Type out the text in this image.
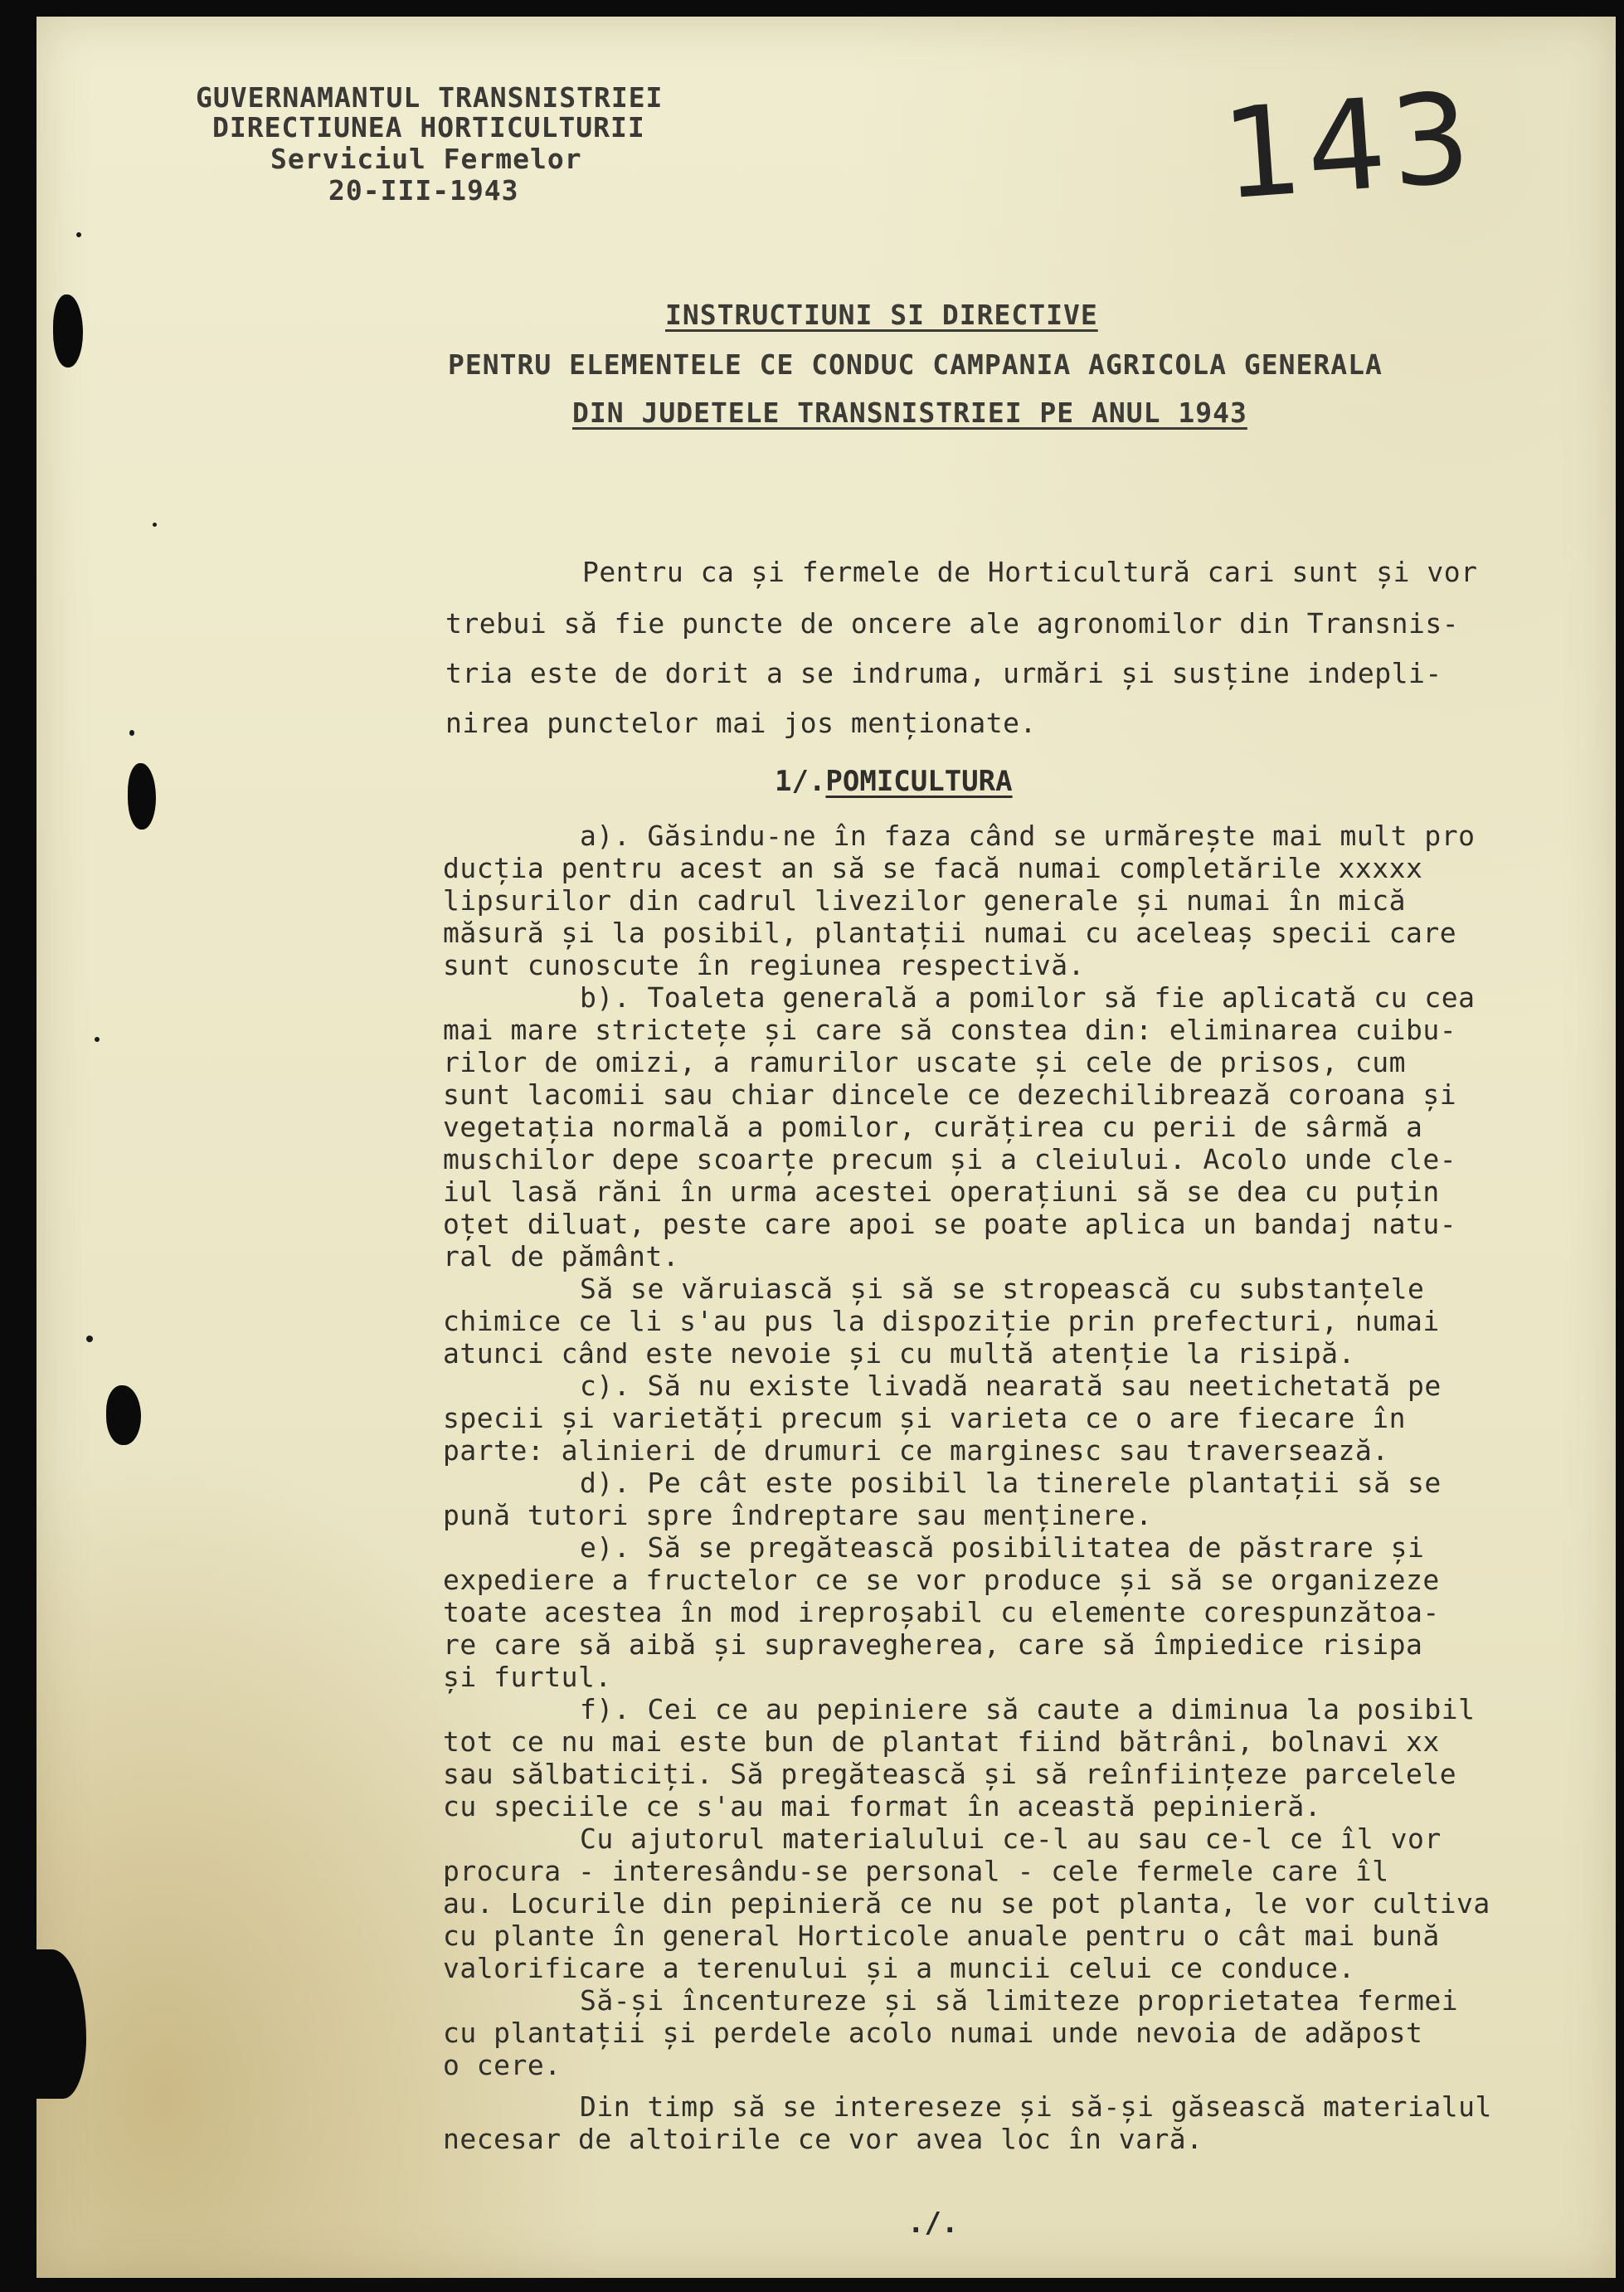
GUVERNAMANTUL TRANSNISTRIEI

DIRECTIUNEA HORTICULTURII

Serviciul Fermelor

20-III-1943	143

INSTRUCTIUNI SI DIRECTIVE

PENTRU ELEMENTELE CE CONDUC CAMPANIA AGRICOLA GENERALA

DIN JUDETELE TRANSNISTRIEI PE ANUL 1943

Pentru ca și fermele de Horticultură cari sunt și vor

trebui să fie puncte de oncere ale agronomilor din Transnis-

tria este de dorit a se indruma, urmări și susține indepli-

nirea punctelor mai jos menționate.

1/.POMICULTURA

a). Găsindu-ne în faza când se urmărește mai mult pro

ducția pentru acest an să se facă numai completările xxxxx

lipsurilor din cadrul livezilor generale și numai în mică

măsură și la posibil, plantații numai cu aceleaș specii care

sunt cunoscute în regiunea respectivă.

b). Toaleta generală a pomilor să fie aplicată cu cea

mai mare strictețe și care să constea din: eliminarea cuibu-

rilor de omizi, a ramurilor uscate și cele de prisos, cum

sunt lacomii sau chiar dincele ce dezechilibrează coroana și

vegetația normală a pomilor, curățirea cu perii de sârmă a

muschilor depe scoarțe precum și a cleiului. Acolo unde cle-

iul lasă răni în urma acestei operațiuni să se dea cu puțin

oțet diluat, peste care apoi se poate aplica un bandaj natu-

ral de pământ.

Să se văruiască și să se stropească cu substanțele

chimice ce li s'au pus la dispoziție prin prefecturi, numai

atunci când este nevoie și cu multă atenție la risipă.

c). Să nu existe livadă nearată sau neetichetată pe

specii și varietăți precum și varieta ce o are fiecare în

parte: alinieri de drumuri ce marginesc sau traversează.

d). Pe cât este posibil la tinerele plantații să se

pună tutori spre îndreptare sau menținere.

e). Să se pregătească posibilitatea de păstrare și

expediere a fructelor ce se vor produce și să se organizeze

toate acestea în mod ireproșabil cu elemente corespunzătoa-

re care să aibă și supravegherea, care să împiedice risipa

și furtul.

f). Cei ce au pepiniere să caute a diminua la posibil

tot ce nu mai este bun de plantat fiind bătrâni, bolnavi xx

sau sălbaticiți. Să pregătească și să reînființeze parcelele

cu speciile ce s'au mai format în această pepinieră.

Cu ajutorul materialului ce-l au sau ce-l ce îl vor

procura - interesându-se personal - cele fermele care îl

au. Locurile din pepinieră ce nu se pot planta, le vor cultiva

cu plante în general Horticole anuale pentru o cât mai bună

valorificare a terenului și a muncii celui ce conduce.

Să-și încentureze și să limiteze proprietatea fermei

cu plantații și perdele acolo numai unde nevoia de adăpost

o cere.

Din timp să se intereseze și să-și găsească materialul

necesar de altoirile ce vor avea loc în vară.

./.
